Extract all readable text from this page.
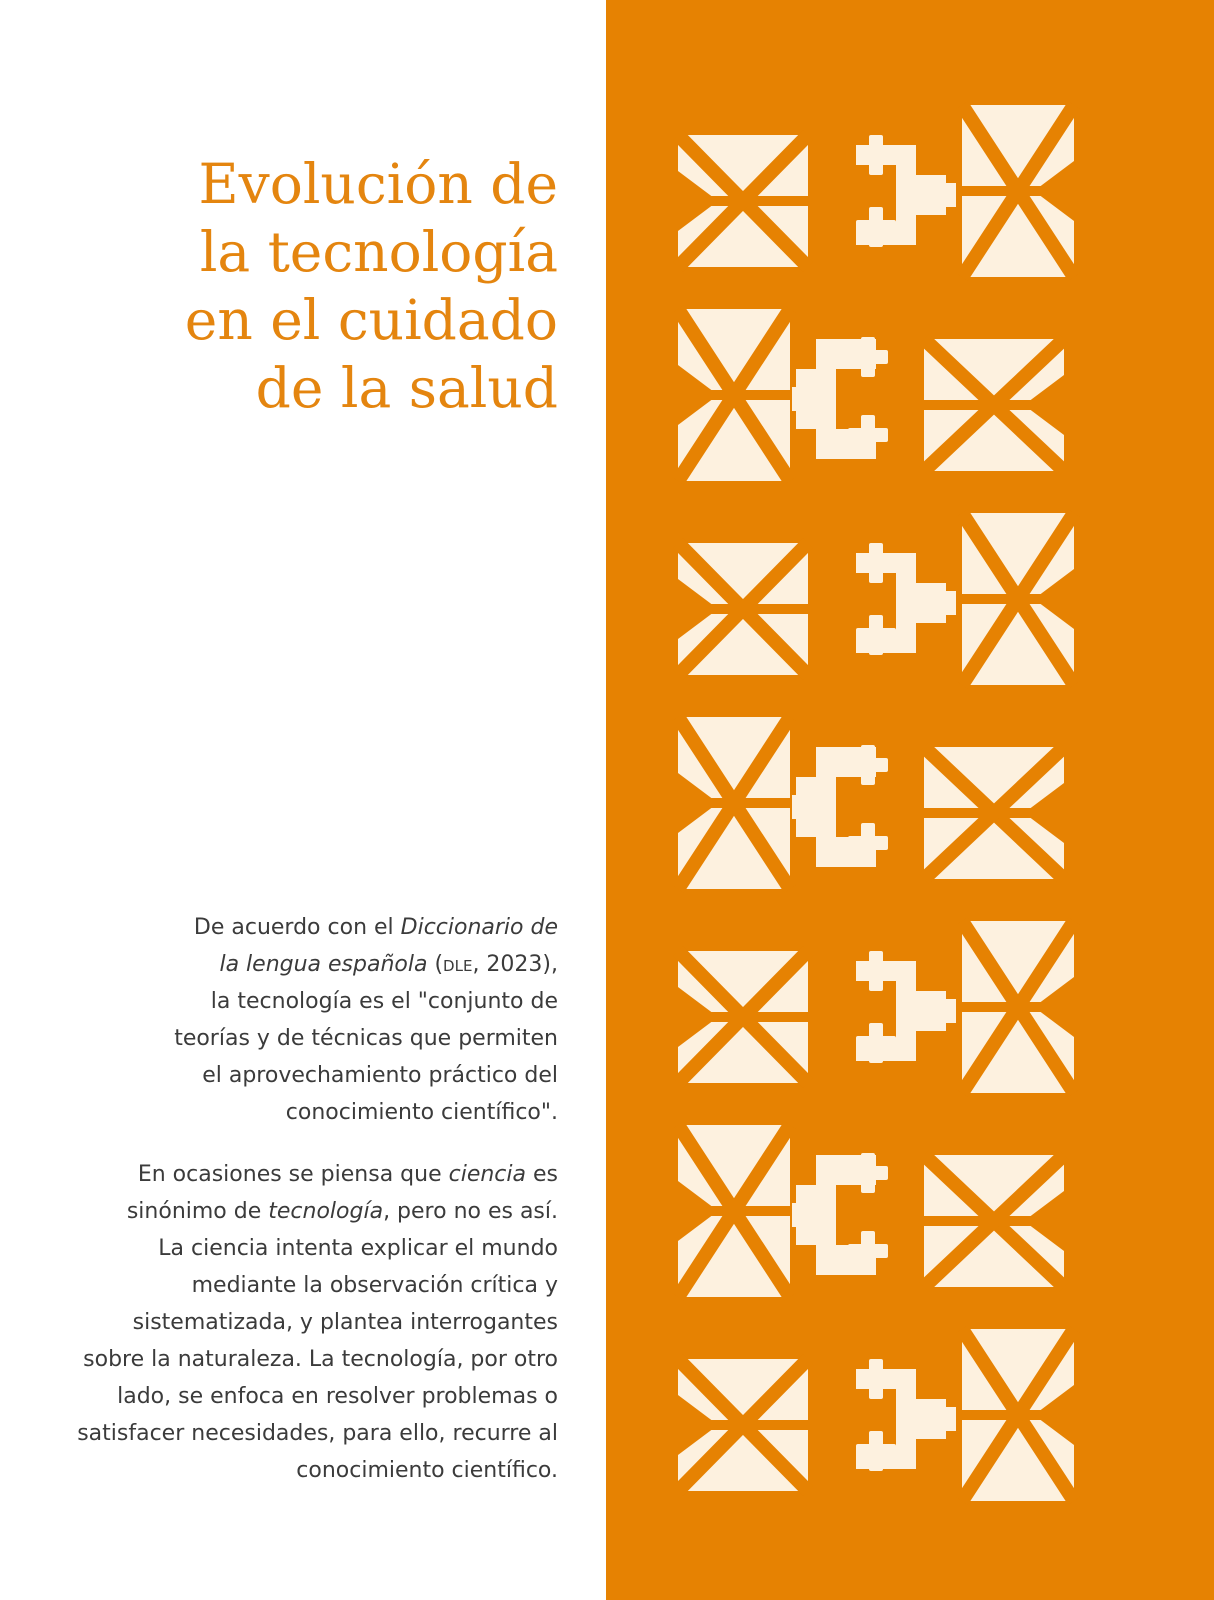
Evolución de
la tecnología
en el cuidado
de la salud

De acuerdo con el Diccionario de
la lengua española (dle, 2023),
la tecnología es el "conjunto de
teorías y de técnicas que permiten
el aprovechamiento práctico del
conocimiento científico".

En ocasiones se piensa que ciencia es
sinónimo de tecnología, pero no es así.
La ciencia intenta explicar el mundo
mediante la observación crítica y
sistematizada, y plantea interrogantes
sobre la naturaleza. La tecnología, por otro
lado, se enfoca en resolver problemas o
satisfacer necesidades, para ello, recurre al
conocimiento científico.
